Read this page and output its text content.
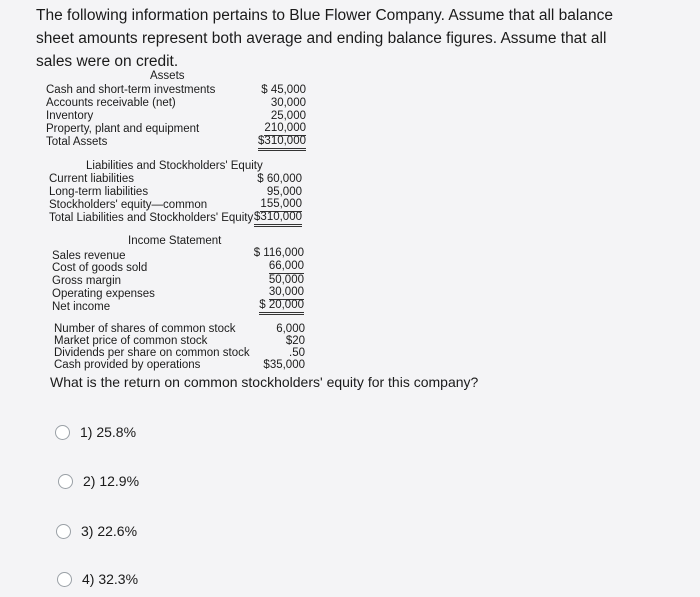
The following information pertains to Blue Flower Company. Assume that all balance sheet amounts represent both average and ending balance figures. Assume that all sales were on credit.
Assets
Cash and short-term investments	$ 45,000
Accounts receivable (net)	30,000
Inventory	25,000
Property, plant and equipment	210,000
Total Assets	$310,000
Liabilities and Stockholders' Equity
Current liabilities	$ 60,000
Long-term liabilities	95,000
Stockholders' equity—common	155,000
Total Liabilities and Stockholders' Equity $310,000
Income Statement
Sales revenue	$ 116,000
Cost of goods sold	66,000
Gross margin	50,000
Operating expenses	30,000
Net income	$ 20,000
Number of shares of common stock	6,000
Market price of common stock	$20
Dividends per share on common stock	.50
Cash provided by operations	$35,000
What is the return on common stockholders' equity for this company?
1) 25.8%
2) 12.9%
3) 22.6%
4) 32.3%
